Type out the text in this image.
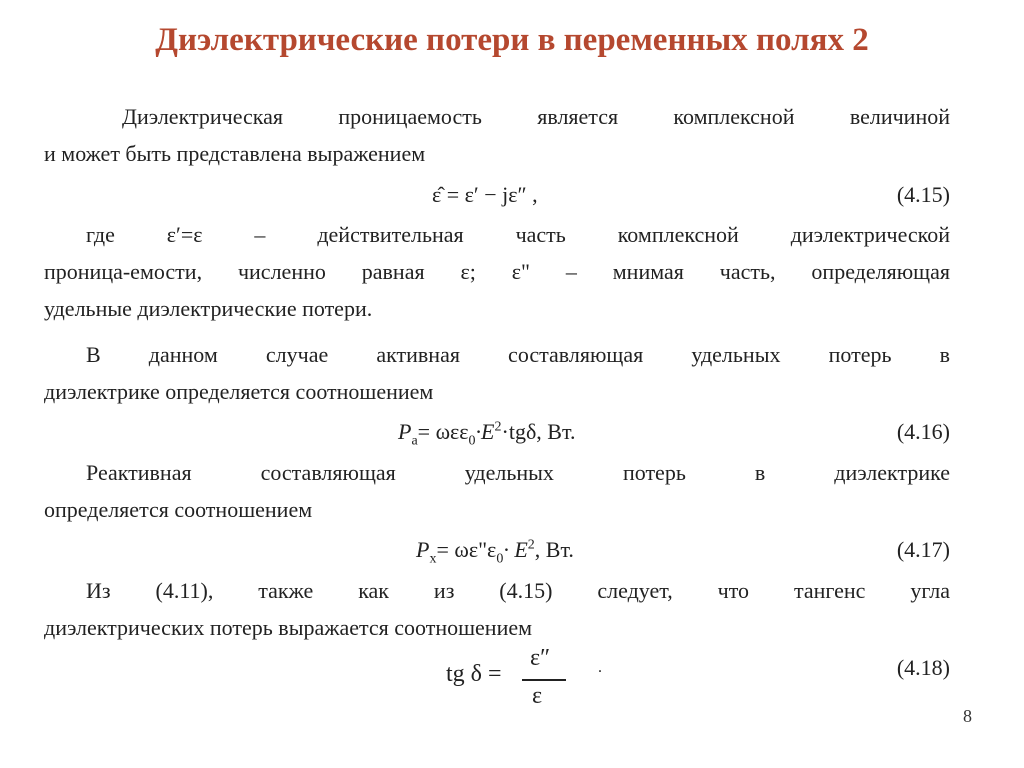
Диэлектрические потери в переменных полях 2
Диэлектрическая проницаемость является комплексной величиной
и может быть представлена выражением
ε̂ = ε′ − jε″ ,	(4.15)
где ε′=ε – действительная часть комплексной диэлектрической
проница-емости, численно равная ε; ε" – мнимая часть, определяющая
удельные диэлектрические потери.
В данном случае активная составляющая удельных потерь в
диэлектрике определяется соотношением
$P_а= \omega\varepsilon\varepsilon_0\cdot E^2\cdot tg\delta$, Вт.	(4.16)
Реактивная составляющая удельных потерь в диэлектрике
определяется соотношением
$P_х=$ $\omega\varepsilon"\varepsilon_0\cdot E^2$, Вт.	(4.17)
Из (4.11), также как из (4.15) следует, что тангенс угла
диэлектрических потерь выражается соотношением
tg δ =
ε″
ε
.	(4.18)
8
